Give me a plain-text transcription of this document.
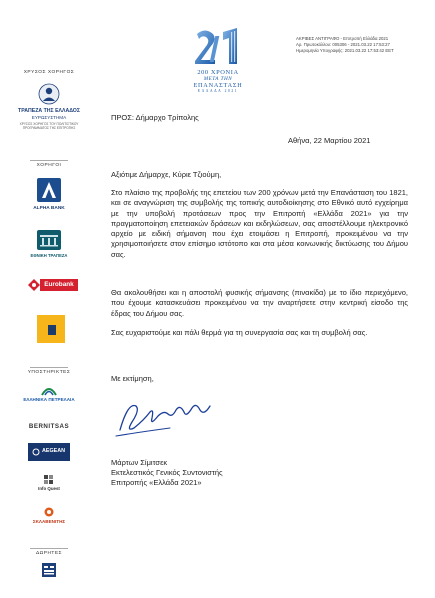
ΑΚΡΙΒΕΣ ΑΝΤΙΓΡΑΦΟ - Επιτροπή Ελλάδα 2021
Αρ. Πρωτοκόλλου: 005306 - 2021.03.22 17:53:27
Ημερομηνία Υπογραφής: 2021.03.22 17:53:42 EET
200 ΧΡΟΝΙΑ
ΜΕΤΑ ΤΗΝ
ΕΠΑΝΑΣΤΑΣΗ
ΕΛΛΑΔΑ 2021
ΧΡΥΣΟΣ ΧΟΡΗΓΟΣ
ΤΡΑΠΕΖΑ ΤΗΣ ΕΛΛΑΔΟΣ
ΕΥΡΩΣΥΣΤΗΜΑ
ΧΡΥΣΟΣ ΧΟΡΗΓΟΣ ΤΟΥ ΠΟΛΙΤΙΣΤΙΚΟΥ ΠΡΟΓΡΑΜΜΑΤΟΣ ΤΗΣ ΕΠΙΤΡΟΠΗΣ
ΧΟΡΗΓΟΙ
ALPHA BANK
ΕΘΝΙΚΗ ΤΡΑΠΕΖΑ
Eurobank
ΥΠΟΣΤΗΡΙΚΤΕΣ
ΕΛΛΗΝΙΚΑ ΠΕΤΡΕΛΑΙΑ
BERNITSAS
AEGEAN
Info Quest
ΣΚΛΑΒΕΝΙΤΗΣ
ΔΩΡΗΤΕΣ
ΠΡΟΣ: Δήμαρχο Τρίπολης
Αθήνα, 22 Μαρτίου 2021
Αξιότιμε Δήμαρχε, Κύριε Τζιούμη,
Στο πλαίσιο της προβολής της επετείου των 200 χρόνων μετά την Επανάσταση του 1821, και σε αναγνώριση της συμβολής της τοπικής αυτοδιοίκησης στο Εθνικό αυτό εγχείρημα με την υποβολή προτάσεων προς την Επιτροπή «Ελλάδα 2021» για την πραγματοποίηση επετειακών δράσεων και εκδηλώσεων, σας αποστέλλουμε ηλεκτρονικό αρχείο με ειδική σήμανση που έχει ετοιμάσει η Επιτροπή, προκειμένου να την χρησιμοποιήσετε στον επίσημο ιστότοπο και στα μέσα κοινωνικής δικτύωσης του Δήμου σας.
Θα ακολουθήσει και η αποστολή φυσικής σήμανσης (πινακίδα) με το ίδιο περιεχόμενο, που έχουμε κατασκευάσει προκειμένου να την αναρτήσετε στην κεντρική είσοδο της έδρας του Δήμου σας.
Σας ευχαριστούμε και πάλι θερμά για τη συνεργασία σας και τη συμβολή σας.
Με εκτίμηση,
Μάρτων Σίμιτσεκ
Εκτελεστικός Γενικός Συντονιστής
Επιτροπής «Ελλάδα 2021»
